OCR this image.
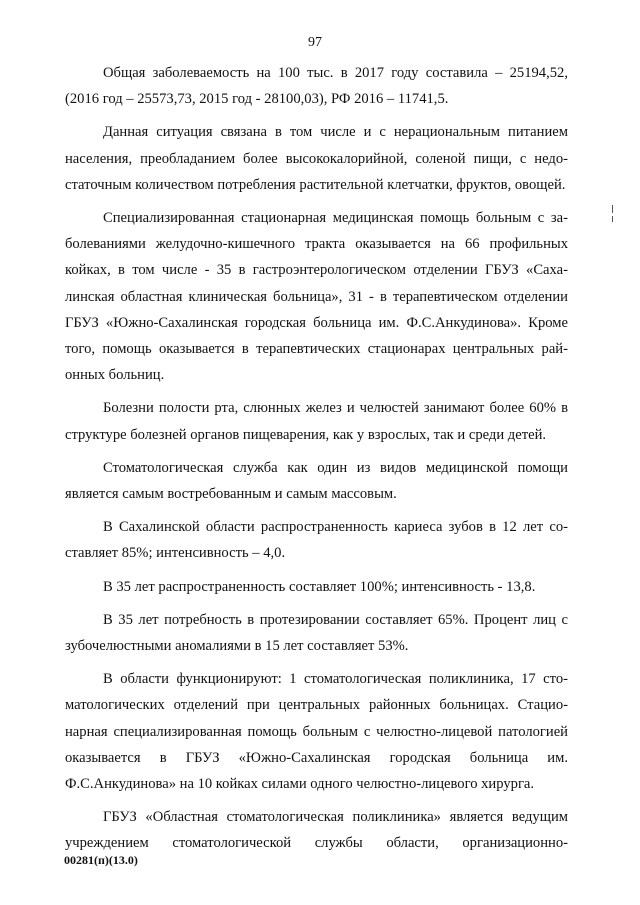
97

Общая заболеваемость на 100 тыс. в 2017 году составила – 25194,52, (2016 год – 25573,73, 2015 год - 28100,03), РФ 2016 – 11741,5.

Данная ситуация связана в том числе и с нерациональным питанием населения, преобладанием более высококалорийной, соленой пищи, с недостаточным количеством потребления растительной клетчатки, фруктов, овощей.

Специализированная стационарная медицинская помощь больным с заболеваниями желудочно-кишечного тракта оказывается на 66 профильных койках, в том числе - 35 в гастроэнтерологическом отделении ГБУЗ «Сахалинская областная клиническая больница», 31 - в терапевтическом отделении ГБУЗ «Южно-Сахалинская городская больница им. Ф.С.Анкудинова». Кроме того, помощь оказывается в терапевтических стационарах центральных районных больниц.

Болезни полости рта, слюнных желез и челюстей занимают более 60% в структуре болезней органов пищеварения, как у взрослых, так и среди детей.

Стоматологическая служба как один из видов медицинской помощи является самым востребованным и самым массовым.

В Сахалинской области распространенность кариеса зубов в 12 лет составляет 85%; интенсивность – 4,0.

В 35 лет распространенность составляет 100%; интенсивность - 13,8.

В 35 лет потребность в протезировании составляет 65%. Процент лиц с зубочелюстными аномалиями в 15 лет составляет 53%.

В области функционируют: 1 стоматологическая поликлиника, 17 стоматологических отделений при центральных районных больницах. Стационарная специализированная помощь больным с челюстно-лицевой патологией оказывается в ГБУЗ «Южно-Сахалинская городская больница им. Ф.С.Анкудинова» на 10 койках силами одного челюстно-лицевого хирурга.

ГБУЗ «Областная стоматологическая поликлиника» является ведущим учреждением стоматологической службы области, организационно-

00281(п)(13.0)
